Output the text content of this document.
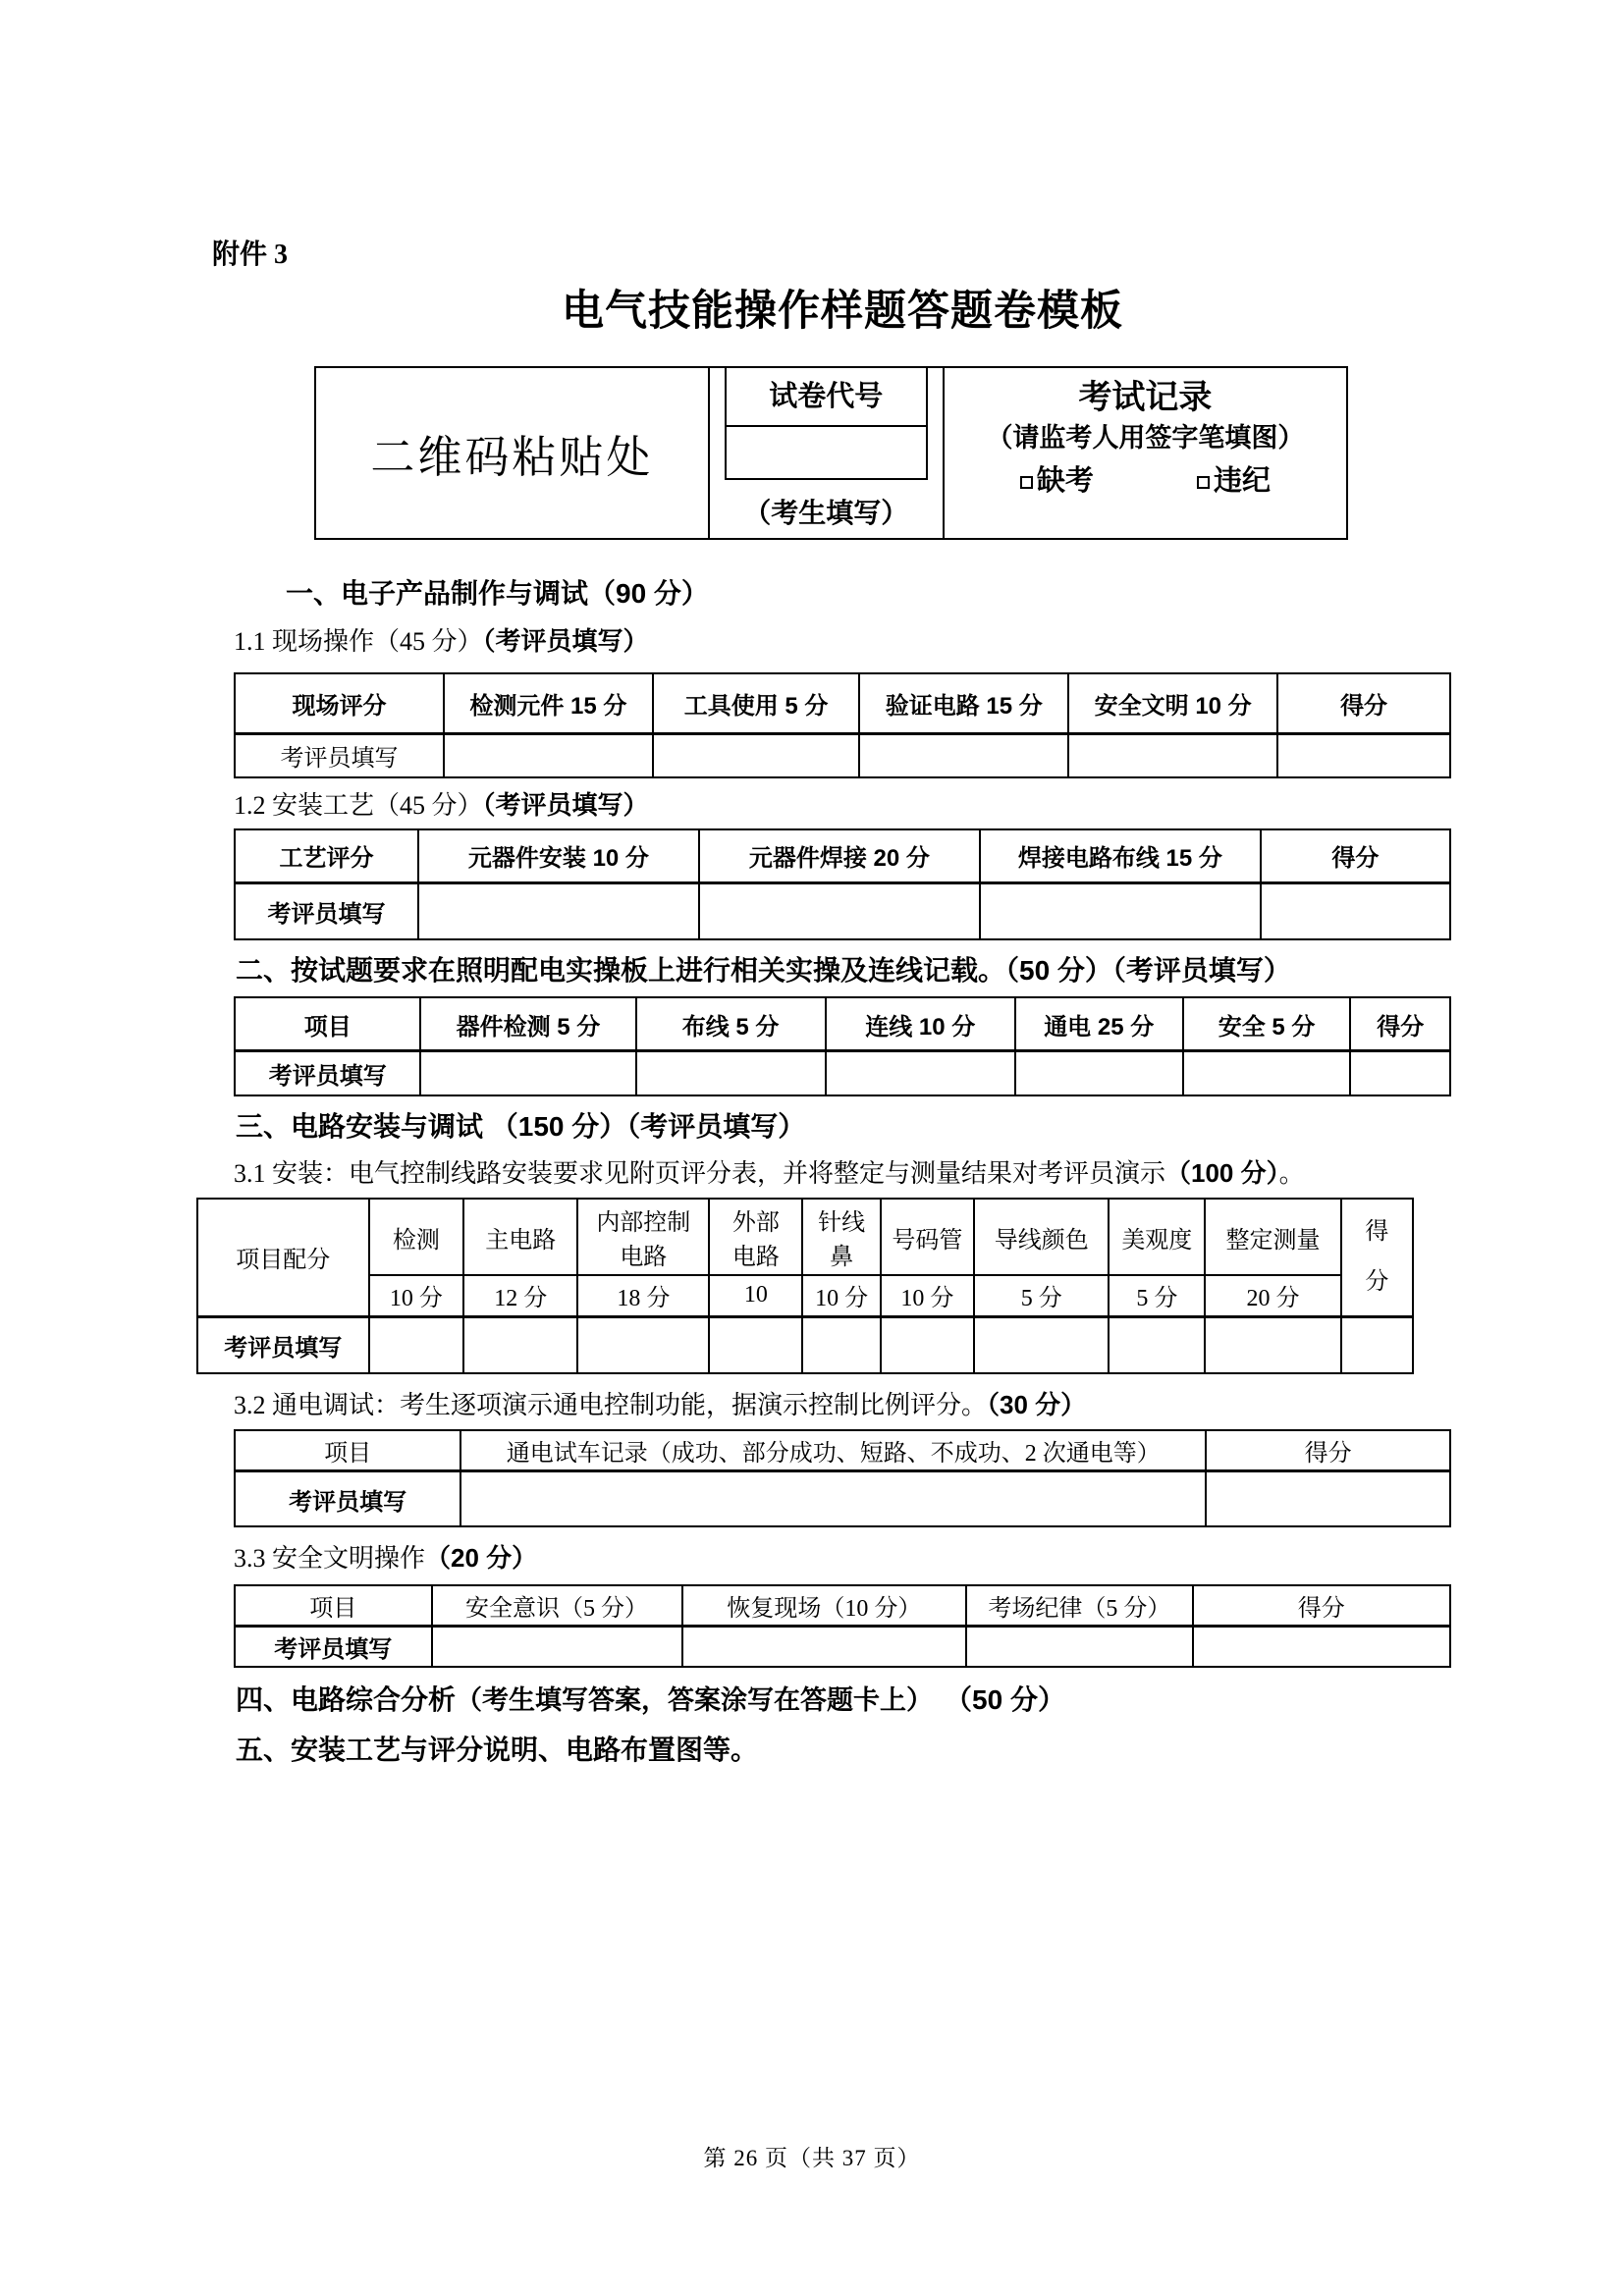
附件 3
电气技能操作样题答题卷模板
二维码粘贴处
试卷代号
（考生填写）
考试记录
（请监考人用签字笔填图）
缺考	违纪
一、电子产品制作与调试（90 分）
1.1 现场操作（45 分）（考评员填写）
现场评分	检测元件 15 分	工具使用 5 分	验证电路 15 分	安全文明 10 分	得分
考评员填写					
1.2 安装工艺（45 分）（考评员填写）
工艺评分	元器件安装 10 分	元器件焊接 20 分	焊接电路布线 15 分	得分
考评员填写				
二、按试题要求在照明配电实操板上进行相关实操及连线记载。（50 分）（考评员填写）
项目	器件检测 5 分	布线 5 分	连线 10 分	通电 25 分	安全 5 分	得分
考评员填写						
三、电路安装与调试 （150 分）（考评员填写）
3.1 安装：电气控制线路安装要求见附页评分表，并将整定与测量结果对考评员演示（100 分）。
项目配分	检测	主电路	内部控制电路	外部电路	针线鼻	号码管	导线颜色	美观度	整定测量	得分
	10 分	12 分	18 分	10	10 分	10 分	5 分	5 分	20 分	
考评员填写										
3.2 通电调试：考生逐项演示通电控制功能，据演示控制比例评分。（30 分）
项目	通电试车记录（成功、部分成功、短路、不成功、2 次通电等）	得分
考评员填写		
3.3 安全文明操作（20 分）
项目	安全意识（5 分）	恢复现场（10 分）	考场纪律（5 分）	得分
考评员填写				
四、电路综合分析（考生填写答案，答案涂写在答题卡上） （50 分）
五、安装工艺与评分说明、电路布置图等。
第 26 页（共 37 页）
